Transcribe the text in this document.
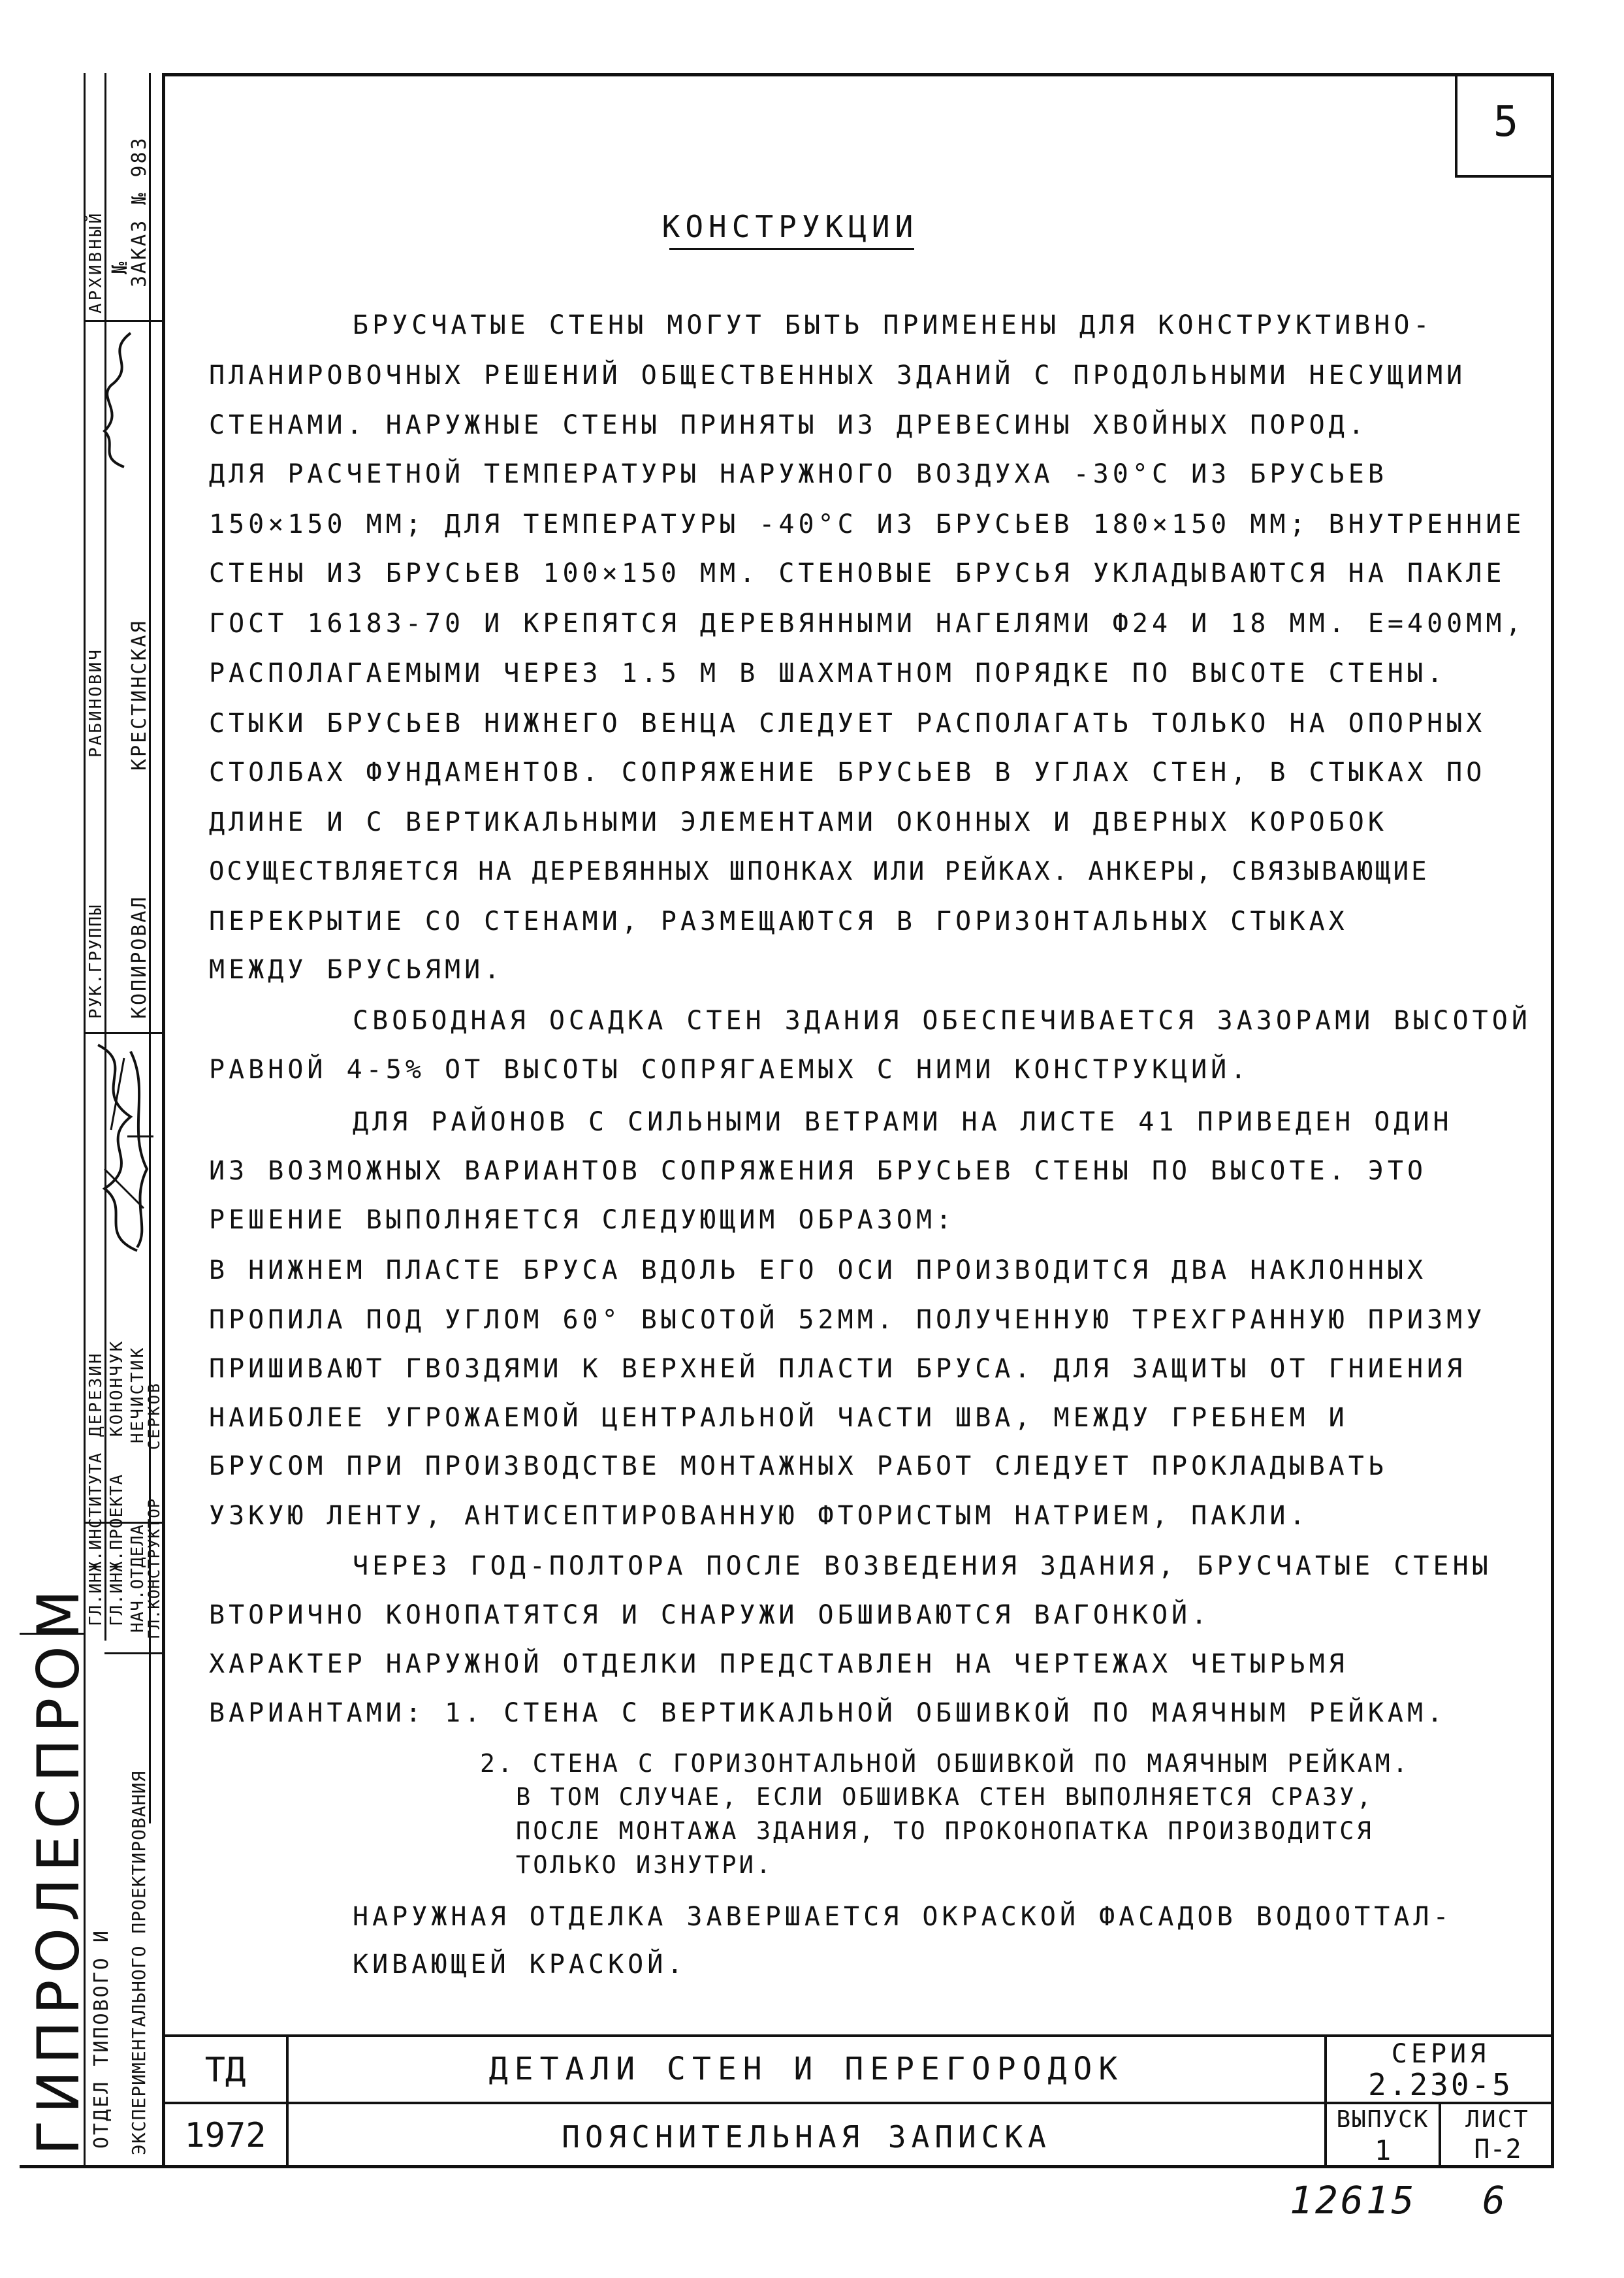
5
ГИПРОЛЕСПРОМ
ОТДЕЛ ТИПОВОГО И ЭКСПЕРИМЕНТАЛЬНОГО ПРОЕКТИРОВАНИЯ
АРХИВНЫЙ №
ЗАКАЗ № 983
РУК.ГРУППЫ
РАБИНОВИЧ
КОПИРОВАЛ
КРЕСТИНСКАЯ
ГЛ.ИНЖ.ИНСТИТУТА
ДЕРЕЗИН
ГЛ.ИНЖ.ПРОЕКТА
КОНОНЧУК
НАЧ.ОТДЕЛА
НЕЧИСТИК
ГЛ.КОНСТРУКТОР
СЕРКОВ
КОНСТРУКЦИИ
БРУСЧАТЫЕ СТЕНЫ МОГУТ БЫТЬ ПРИМЕНЕНЫ ДЛЯ КОНСТРУКТИВНО-
ПЛАНИРОВОЧНЫХ РЕШЕНИЙ ОБЩЕСТВЕННЫХ ЗДАНИЙ С ПРОДОЛЬНЫМИ НЕСУЩИМИ
СТЕНАМИ. НАРУЖНЫЕ СТЕНЫ ПРИНЯТЫ ИЗ ДРЕВЕСИНЫ ХВОЙНЫХ ПОРОД.
ДЛЯ РАСЧЕТНОЙ ТЕМПЕРАТУРЫ НАРУЖНОГО ВОЗДУХА -30°С ИЗ БРУСЬЕВ
150×150 ММ; ДЛЯ ТЕМПЕРАТУРЫ -40°С ИЗ БРУСЬЕВ 180×150 ММ; ВНУТРЕННИЕ
СТЕНЫ ИЗ БРУСЬЕВ 100×150 ММ. СТЕНОВЫЕ БРУСЬЯ УКЛАДЫВАЮТСЯ НА ПАКЛЕ
ГОСТ 16183-70 И КРЕПЯТСЯ ДЕРЕВЯННЫМИ НАГЕЛЯМИ Ф24 И 18 ММ. Е=400ММ,
РАСПОЛАГАЕМЫМИ ЧЕРЕЗ 1.5 М В ШАХМАТНОМ ПОРЯДКЕ ПО ВЫСОТЕ СТЕНЫ.
СТЫКИ БРУСЬЕВ НИЖНЕГО ВЕНЦА СЛЕДУЕТ РАСПОЛАГАТЬ ТОЛЬКО НА ОПОРНЫХ
СТОЛБАХ ФУНДАМЕНТОВ. СОПРЯЖЕНИЕ БРУСЬЕВ В УГЛАХ СТЕН, В СТЫКАХ ПО
ДЛИНЕ И С ВЕРТИКАЛЬНЫМИ ЭЛЕМЕНТАМИ ОКОННЫХ И ДВЕРНЫХ КОРОБОК
ОСУЩЕСТВЛЯЕТСЯ НА ДЕРЕВЯННЫХ ШПОНКАХ ИЛИ РЕЙКАХ. АНКЕРЫ, СВЯЗЫВАЮЩИЕ
ПЕРЕКРЫТИЕ СО СТЕНАМИ, РАЗМЕЩАЮТСЯ В ГОРИЗОНТАЛЬНЫХ СТЫКАХ
МЕЖДУ БРУСЬЯМИ.
СВОБОДНАЯ ОСАДКА СТЕН ЗДАНИЯ ОБЕСПЕЧИВАЕТСЯ ЗАЗОРАМИ ВЫСОТОЙ
РАВНОЙ 4-5% ОТ ВЫСОТЫ СОПРЯГАЕМЫХ С НИМИ КОНСТРУКЦИЙ.
ДЛЯ РАЙОНОВ С СИЛЬНЫМИ ВЕТРАМИ НА ЛИСТЕ 41 ПРИВЕДЕН ОДИН
ИЗ ВОЗМОЖНЫХ ВАРИАНТОВ СОПРЯЖЕНИЯ БРУСЬЕВ СТЕНЫ ПО ВЫСОТЕ. ЭТО
РЕШЕНИЕ ВЫПОЛНЯЕТСЯ СЛЕДУЮЩИМ ОБРАЗОМ:
В НИЖНЕМ ПЛАСТЕ БРУСА ВДОЛЬ ЕГО ОСИ ПРОИЗВОДИТСЯ ДВА НАКЛОННЫХ
ПРОПИЛА ПОД УГЛОМ 60° ВЫСОТОЙ 52ММ. ПОЛУЧЕННУЮ ТРЕХГРАННУЮ ПРИЗМУ
ПРИШИВАЮТ ГВОЗДЯМИ К ВЕРХНЕЙ ПЛАСТИ БРУСА. ДЛЯ ЗАЩИТЫ ОТ ГНИЕНИЯ
НАИБОЛЕЕ УГРОЖАЕМОЙ ЦЕНТРАЛЬНОЙ ЧАСТИ ШВА, МЕЖДУ ГРЕБНЕМ И
БРУСОМ ПРИ ПРОИЗВОДСТВЕ МОНТАЖНЫХ РАБОТ СЛЕДУЕТ ПРОКЛАДЫВАТЬ
УЗКУЮ ЛЕНТУ, АНТИСЕПТИРОВАННУЮ ФТОРИСТЫМ НАТРИЕМ, ПАКЛИ.
ЧЕРЕЗ ГОД-ПОЛТОРА ПОСЛЕ ВОЗВЕДЕНИЯ ЗДАНИЯ, БРУСЧАТЫЕ СТЕНЫ
ВТОРИЧНО КОНОПАТЯТСЯ И СНАРУЖИ ОБШИВАЮТСЯ ВАГОНКОЙ.
ХАРАКТЕР НАРУЖНОЙ ОТДЕЛКИ ПРЕДСТАВЛЕН НА ЧЕРТЕЖАХ ЧЕТЫРЬМЯ
ВАРИАНТАМИ: 1. СТЕНА С ВЕРТИКАЛЬНОЙ ОБШИВКОЙ ПО МАЯЧНЫМ РЕЙКАМ.
2. СТЕНА С ГОРИЗОНТАЛЬНОЙ ОБШИВКОЙ ПО МАЯЧНЫМ РЕЙКАМ.
В ТОМ СЛУЧАЕ, ЕСЛИ ОБШИВКА СТЕН ВЫПОЛНЯЕТСЯ СРАЗУ,
ПОСЛЕ МОНТАЖА ЗДАНИЯ, ТО ПРОКОНОПАТКА ПРОИЗВОДИТСЯ
ТОЛЬКО ИЗНУТРИ.
НАРУЖНАЯ ОТДЕЛКА ЗАВЕРШАЕТСЯ ОКРАСКОЙ ФАСАДОВ ВОДООТТАЛ-
КИВАЮЩЕЙ КРАСКОЙ.
ТД
1972
ДЕТАЛИ СТЕН И ПЕРЕГОРОДОК
ПОЯСНИТЕЛЬНАЯ ЗАПИСКА
СЕРИЯ
2.230-5
ВЫПУСК
1
ЛИСТ
П-2
12615 6
